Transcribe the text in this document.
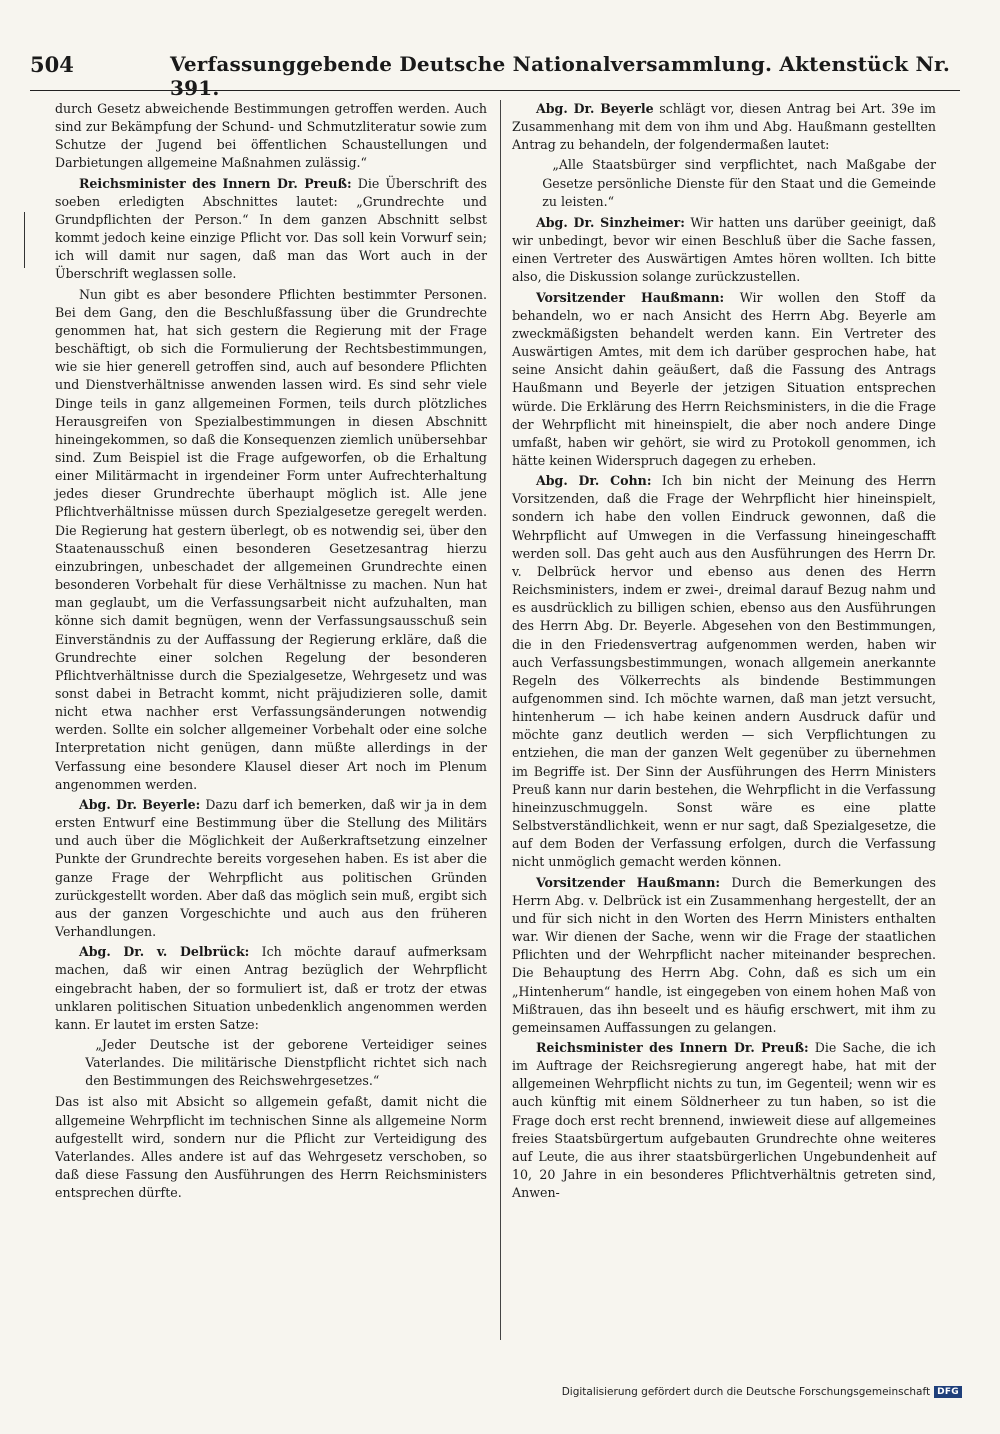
504	Verfassunggebende Deutsche Nationalversammlung. Aktenstück Nr. 391.

durch Gesetz abweichende Bestimmungen getroffen werden. Auch sind zur Bekämpfung der Schund- und Schmutzliteratur sowie zum Schutze der Jugend bei öffentlichen Schaustellungen und Darbietungen allgemeine Maßnahmen zulässig.“

Reichsminister des Innern Dr. Preuß: Die Überschrift des soeben erledigten Abschnittes lautet: „Grundrechte und Grundpflichten der Person.“ In dem ganzen Abschnitt selbst kommt jedoch keine einzige Pflicht vor. Das soll kein Vorwurf sein; ich will damit nur sagen, daß man das Wort auch in der Überschrift weglassen solle.

Nun gibt es aber besondere Pflichten bestimmter Personen. Bei dem Gang, den die Beschlußfassung über die Grundrechte genommen hat, hat sich gestern die Regierung mit der Frage beschäftigt, ob sich die Formulierung der Rechtsbestimmungen, wie sie hier generell getroffen sind, auch auf besondere Pflichten und Dienstverhältnisse anwenden lassen wird. Es sind sehr viele Dinge teils in ganz allgemeinen Formen, teils durch plötzliches Herausgreifen von Spezialbestimmungen in diesen Abschnitt hineingekommen, so daß die Konsequenzen ziemlich unübersehbar sind. Zum Beispiel ist die Frage aufgeworfen, ob die Erhaltung einer Militärmacht in irgendeiner Form unter Aufrechterhaltung jedes dieser Grundrechte überhaupt möglich ist. Alle jene Pflichtverhältnisse müssen durch Spezialgesetze geregelt werden. Die Regierung hat gestern überlegt, ob es notwendig sei, über den Staatenausschuß einen besonderen Gesetzesantrag hierzu einzubringen, unbeschadet der allgemeinen Grundrechte einen besonderen Vorbehalt für diese Verhältnisse zu machen. Nun hat man geglaubt, um die Verfassungsarbeit nicht aufzuhalten, man könne sich damit begnügen, wenn der Verfassungsausschuß sein Einverständnis zu der Auffassung der Regierung erkläre, daß die Grundrechte einer solchen Regelung der besonderen Pflichtverhältnisse durch die Spezialgesetze, Wehrgesetz und was sonst dabei in Betracht kommt, nicht präjudizieren solle, damit nicht etwa nachher erst Verfassungsänderungen notwendig werden. Sollte ein solcher allgemeiner Vorbehalt oder eine solche Interpretation nicht genügen, dann müßte allerdings in der Verfassung eine besondere Klausel dieser Art noch im Plenum angenommen werden.

Abg. Dr. Beyerle: Dazu darf ich bemerken, daß wir ja in dem ersten Entwurf eine Bestimmung über die Stellung des Militärs und auch über die Möglichkeit der Außerkraftsetzung einzelner Punkte der Grundrechte bereits vorgesehen haben. Es ist aber die ganze Frage der Wehrpflicht aus politischen Gründen zurückgestellt worden. Aber daß das möglich sein muß, ergibt sich aus der ganzen Vorgeschichte und auch aus den früheren Verhandlungen.

Abg. Dr. v. Delbrück: Ich möchte darauf aufmerksam machen, daß wir einen Antrag bezüglich der Wehrpflicht eingebracht haben, der so formuliert ist, daß er trotz der etwas unklaren politischen Situation unbedenklich angenommen werden kann. Er lautet im ersten Satze:

„Jeder Deutsche ist der geborene Verteidiger seines Vaterlandes. Die militärische Dienstpflicht richtet sich nach den Bestimmungen des Reichswehrgesetzes.“

Das ist also mit Absicht so allgemein gefaßt, damit nicht die allgemeine Wehrpflicht im technischen Sinne als allgemeine Norm aufgestellt wird, sondern nur die Pflicht zur Verteidigung des Vaterlandes. Alles andere ist auf das Wehrgesetz verschoben, so daß diese Fassung den Ausführungen des Herrn Reichsministers entsprechen dürfte.

Abg. Dr. Beyerle schlägt vor, diesen Antrag bei Art. 39e im Zusammenhang mit dem von ihm und Abg. Haußmann gestellten Antrag zu behandeln, der folgendermaßen lautet:

„Alle Staatsbürger sind verpflichtet, nach Maßgabe der Gesetze persönliche Dienste für den Staat und die Gemeinde zu leisten.“

Abg. Dr. Sinzheimer: Wir hatten uns darüber geeinigt, daß wir unbedingt, bevor wir einen Beschluß über die Sache fassen, einen Vertreter des Auswärtigen Amtes hören wollten. Ich bitte also, die Diskussion solange zurückzustellen.

Vorsitzender Haußmann: Wir wollen den Stoff da behandeln, wo er nach Ansicht des Herrn Abg. Beyerle am zweckmäßigsten behandelt werden kann. Ein Vertreter des Auswärtigen Amtes, mit dem ich darüber gesprochen habe, hat seine Ansicht dahin geäußert, daß die Fassung des Antrags Haußmann und Beyerle der jetzigen Situation entsprechen würde. Die Erklärung des Herrn Reichsministers, in die die Frage der Wehrpflicht mit hineinspielt, die aber noch andere Dinge umfaßt, haben wir gehört, sie wird zu Protokoll genommen, ich hätte keinen Widerspruch dagegen zu erheben.

Abg. Dr. Cohn: Ich bin nicht der Meinung des Herrn Vorsitzenden, daß die Frage der Wehrpflicht hier hineinspielt, sondern ich habe den vollen Eindruck gewonnen, daß die Wehrpflicht auf Umwegen in die Verfassung hineingeschafft werden soll. Das geht auch aus den Ausführungen des Herrn Dr. v. Delbrück hervor und ebenso aus denen des Herrn Reichsministers, indem er zwei-, dreimal darauf Bezug nahm und es ausdrücklich zu billigen schien, ebenso aus den Ausführungen des Herrn Abg. Dr. Beyerle. Abgesehen von den Bestimmungen, die in den Friedensvertrag aufgenommen werden, haben wir auch Verfassungsbestimmungen, wonach allgemein anerkannte Regeln des Völkerrechts als bindende Bestimmungen aufgenommen sind. Ich möchte warnen, daß man jetzt versucht, hintenherum — ich habe keinen andern Ausdruck dafür und möchte ganz deutlich werden — sich Verpflichtungen zu entziehen, die man der ganzen Welt gegenüber zu übernehmen im Begriffe ist. Der Sinn der Ausführungen des Herrn Ministers Preuß kann nur darin bestehen, die Wehrpflicht in die Verfassung hineinzuschmuggeln. Sonst wäre es eine platte Selbstverständlichkeit, wenn er nur sagt, daß Spezialgesetze, die auf dem Boden der Verfassung erfolgen, durch die Verfassung nicht unmöglich gemacht werden können.

Vorsitzender Haußmann: Durch die Bemerkungen des Herrn Abg. v. Delbrück ist ein Zusammenhang hergestellt, der an und für sich nicht in den Worten des Herrn Ministers enthalten war. Wir dienen der Sache, wenn wir die Frage der staatlichen Pflichten und der Wehrpflicht nacher miteinander besprechen. Die Behauptung des Herrn Abg. Cohn, daß es sich um ein „Hintenherum“ handle, ist eingegeben von einem hohen Maß von Mißtrauen, das ihn beseelt und es häufig erschwert, mit ihm zu gemeinsamen Auffassungen zu gelangen.

Reichsminister des Innern Dr. Preuß: Die Sache, die ich im Auftrage der Reichsregierung angeregt habe, hat mit der allgemeinen Wehrpflicht nichts zu tun, im Gegenteil; wenn wir es auch künftig mit einem Söldnerheer zu tun haben, so ist die Frage doch erst recht brennend, inwieweit diese auf allgemeines freies Staatsbürgertum aufgebauten Grundrechte ohne weiteres auf Leute, die aus ihrer staatsbürgerlichen Ungebundenheit auf 10, 20 Jahre in ein besonderes Pflichtverhältnis getreten sind, Anwen-

Digitalisierung gefördert durch die Deutsche Forschungsgemeinschaft DFG
